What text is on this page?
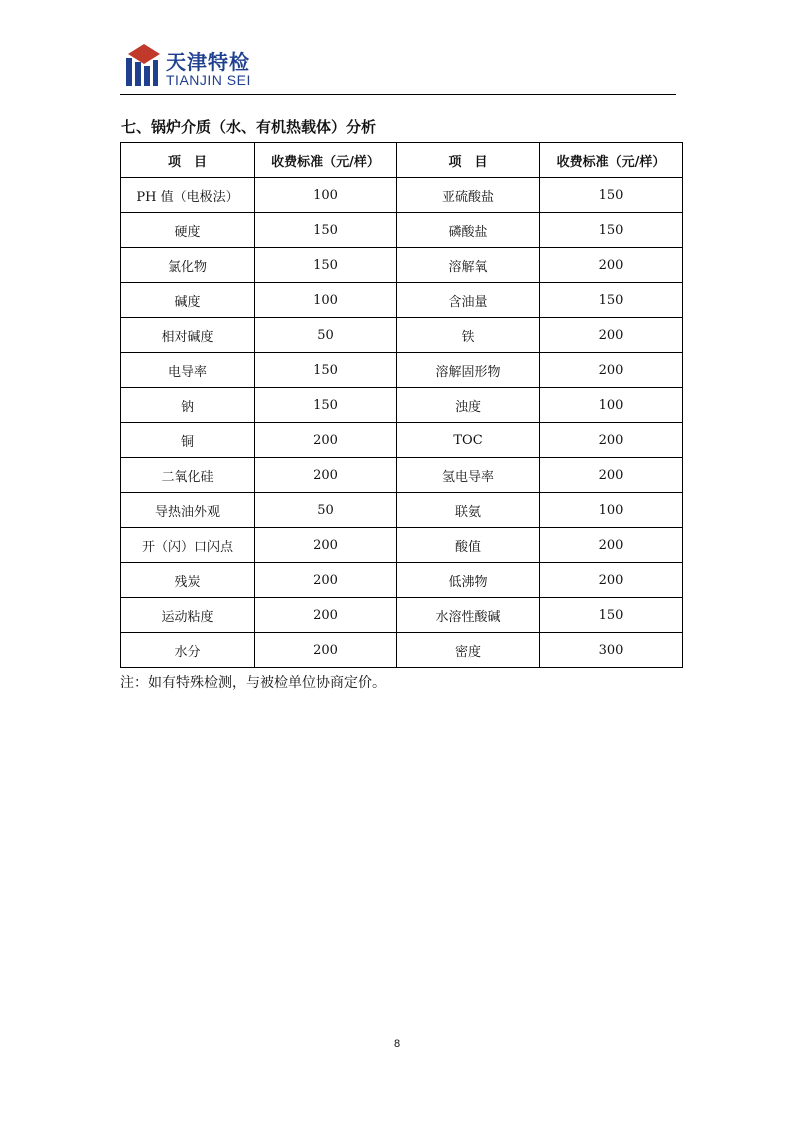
天津特检
TIANJIN SEI
七、锅炉介质（水、有机热载体）分析
项　目	收费标准（元/样）	项　目	收费标准（元/样）
PH 值（电极法）	100	亚硫酸盐	150
硬度	150	磷酸盐	150
氯化物	150	溶解氧	200
碱度	100	含油量	150
相对碱度	50	铁	200
电导率	150	溶解固形物	200
钠	150	浊度	100
铜	200	TOC	200
二氧化硅	200	氢电导率	200
导热油外观	50	联氨	100
开（闪）口闪点	200	酸值	200
残炭	200	低沸物	200
运动粘度	200	水溶性酸碱	150
水分	200	密度	300
注：如有特殊检测，与被检单位协商定价。
8
